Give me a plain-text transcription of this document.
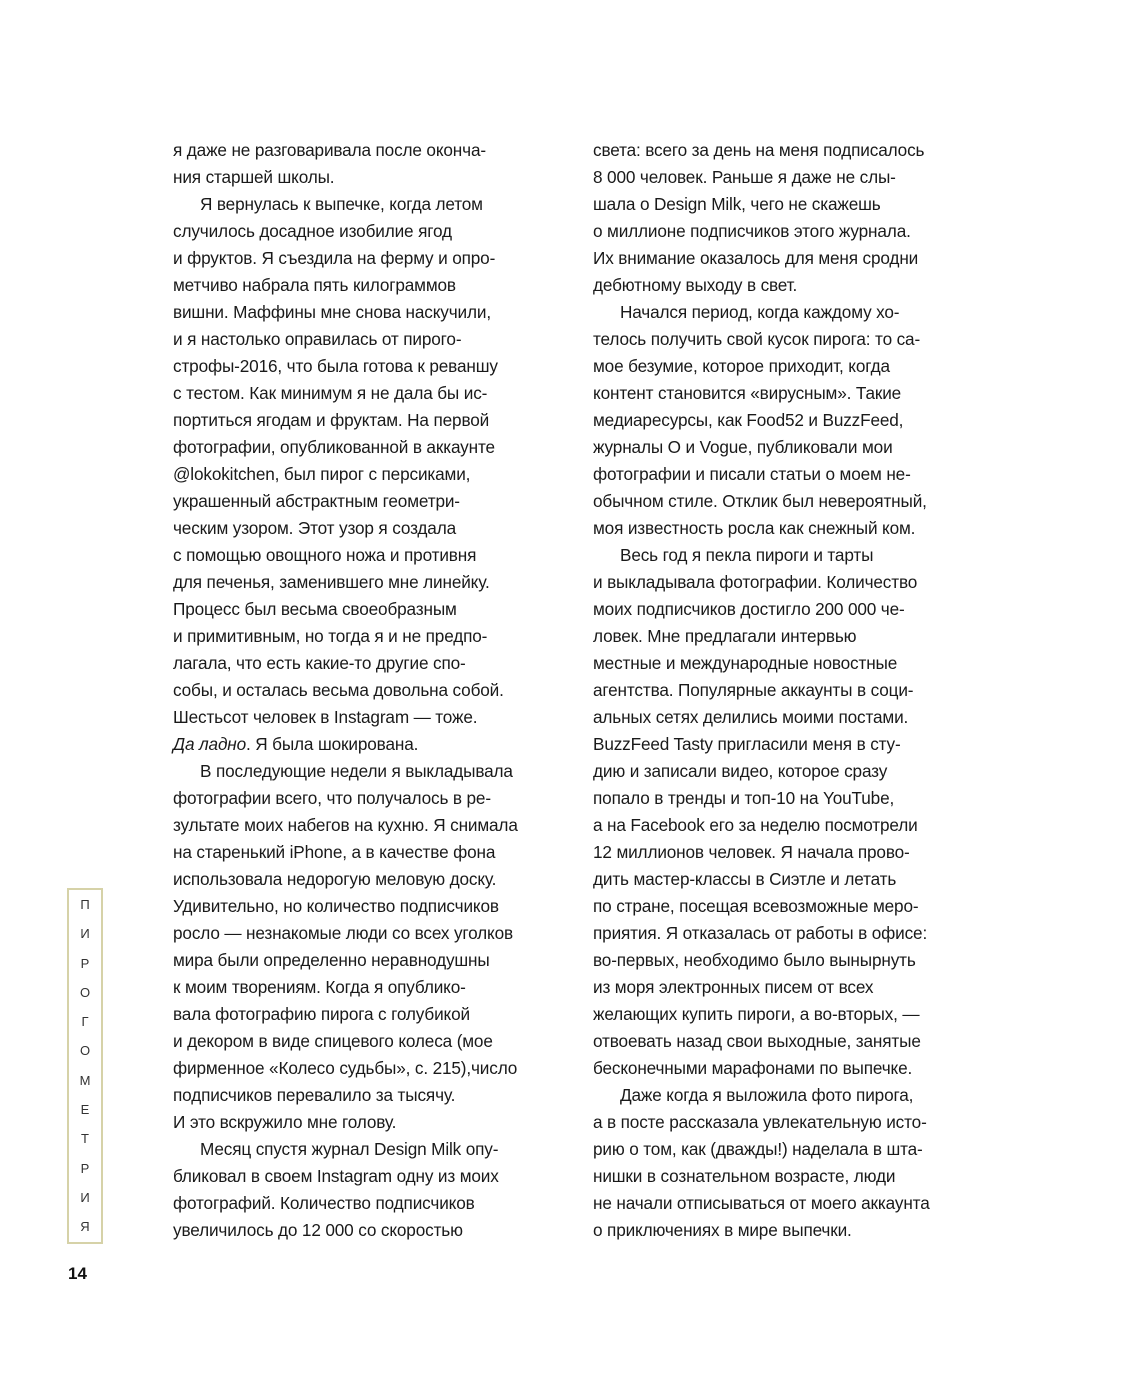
я даже не разговаривала после оконча-
ния старшей школы.
Я вернулась к выпечке, когда летом
случилось досадное изобилие ягод
и фруктов. Я съездила на ферму и опро-
метчиво набрала пять килограммов
вишни. Маффины мне снова наскучили,
и я настолько оправилась от пирого-
строфы-2016, что была готова к реваншу
с тестом. Как минимум я не дала бы ис-
портиться ягодам и фруктам. На первой
фотографии, опубликованной в аккаунте
@lokokitchen, был пирог с персиками,
украшенный абстрактным геометри-
ческим узором. Этот узор я создала
с помощью овощного ножа и противня
для печенья, заменившего мне линейку.
Процесс был весьма своеобразным
и примитивным, но тогда я и не предпо-
лагала, что есть какие-то другие спо-
собы, и осталась весьма довольна собой.
Шестьсот человек в Instagram — тоже.
Да ладно. Я была шокирована.
В последующие недели я выкладывала
фотографии всего, что получалось в ре-
зультате моих набегов на кухню. Я снимала
на старенький iPhone, а в качестве фона
использовала недорогую меловую доску.
Удивительно, но количество подписчиков
росло — незнакомые люди со всех уголков
мира были определенно неравнодушны
к моим творениям. Когда я опублико-
вала фотографию пирога с голубикой
и декором в виде спицевого колеса (мое
фирменное «Колесо судьбы», с. 215),число
подписчиков перевалило за тысячу.
И это вскружило мне голову.
Месяц спустя журнал Design Milk опу-
бликовал в своем Instagram одну из моих
фотографий. Количество подписчиков
увеличилось до 12 000 со скоростью
света: всего за день на меня подписалось
8 000 человек. Раньше я даже не слы-
шала о Design Milk, чего не скажешь
о миллионе подписчиков этого журнала.
Их внимание оказалось для меня сродни
дебютному выходу в свет.
Начался период, когда каждому хо-
телось получить свой кусок пирога: то са-
мое безумие, которое приходит, когда
контент становится «вирусным». Такие
медиаресурсы, как Food52 и BuzzFeed,
журналы O и Vogue, публиковали мои
фотографии и писали статьи о моем не-
обычном стиле. Отклик был невероятный,
моя известность росла как снежный ком.
Весь год я пекла пироги и тарты
и выкладывала фотографии. Количество
моих подписчиков достигло 200 000 че-
ловек. Мне предлагали интервью
местные и международные новостные
агентства. Популярные аккаунты в соци-
альных сетях делились моими постами.
BuzzFeed Tasty пригласили меня в сту-
дию и записали видео, которое сразу
попало в тренды и топ-10 на YouTube,
а на Facebook его за неделю посмотрели
12 миллионов человек. Я начала прово-
дить мастер-классы в Сиэтле и летать
по стране, посещая всевозможные меро-
приятия. Я отказалась от работы в офисе:
во-первых, необходимо было вынырнуть
из моря электронных писем от всех
желающих купить пироги, а во-вторых, —
отвоевать назад свои выходные, занятые
бесконечными марафонами по выпечке.
Даже когда я выложила фото пирога,
а в посте рассказала увлекательную исто-
рию о том, как (дважды!) наделала в шта-
нишки в сознательном возрасте, люди
не начали отписываться от моего аккаунта
о приключениях в мире выпечки.
П
И
Р
О
Г
О
М
Е
Т
Р
И
Я
14
